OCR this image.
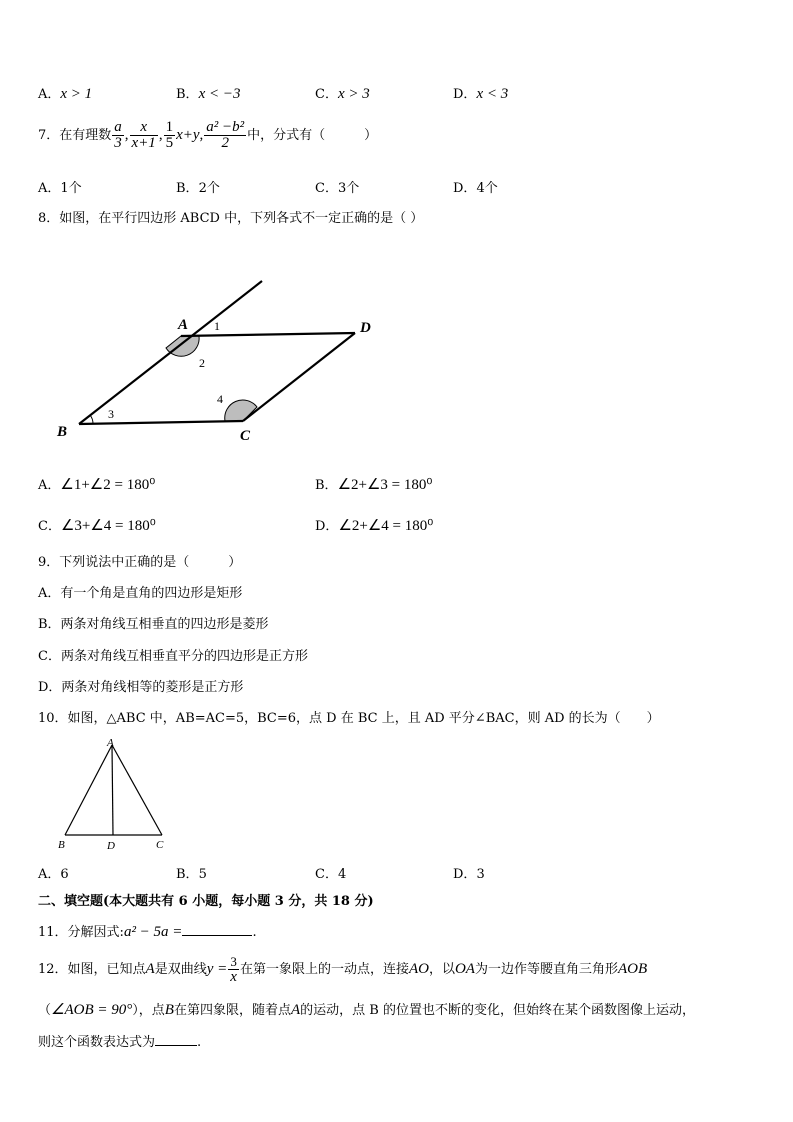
A．x > 1	B．x < −3	C．x > 3	D．x < 3
7．在有理数 $\frac{a}{3}$ , $\frac{x}{x+1}$ , $\frac{1}{5} x+y$, $\frac{\text{a² −b²}}{2}$ 中，分式有（　　　）
A．1个	B．2个	C．3个	D．4个
8．如图，在平行四边形 ABCD 中，下列各式不一定正确的是（ ）
A
B	C
D
1
2
3
4
A．∠1+∠2 = 180⁰	B．∠2+∠3 = 180⁰
C．∠3+∠4 = 180⁰	D．∠2+∠4 = 180⁰
9．下列说法中正确的是（　　　）
A．有一个角是直角的四边形是矩形
B．两条对角线互相垂直的四边形是菱形
C．两条对角线互相垂直平分的四边形是正方形
D．两条对角线相等的菱形是正方形
10．如图，△ABC 中，AB=AC=5，BC=6，点 D 在 BC 上，且 AD 平分∠BAC，则 AD 的长为（　　）
A
B	D	C
A．6	B．5	C．4	D．3
二、填空题(本大题共有 6 小题，每小题 3 分，共 18 分)
11．分解因式:a² − 5a =	.
12．如图，已知点A是双曲线$y = \frac{3}{x}$ 在第一象限上的一动点，连接AO，以OA为一边作等腰直角三角形AOB
（∠AOB = 90°），点B在第四象限，随着点A的运动，点 B 的位置也不断的变化，但始终在某个函数图像上运动，
则这个函数表达式为	.
